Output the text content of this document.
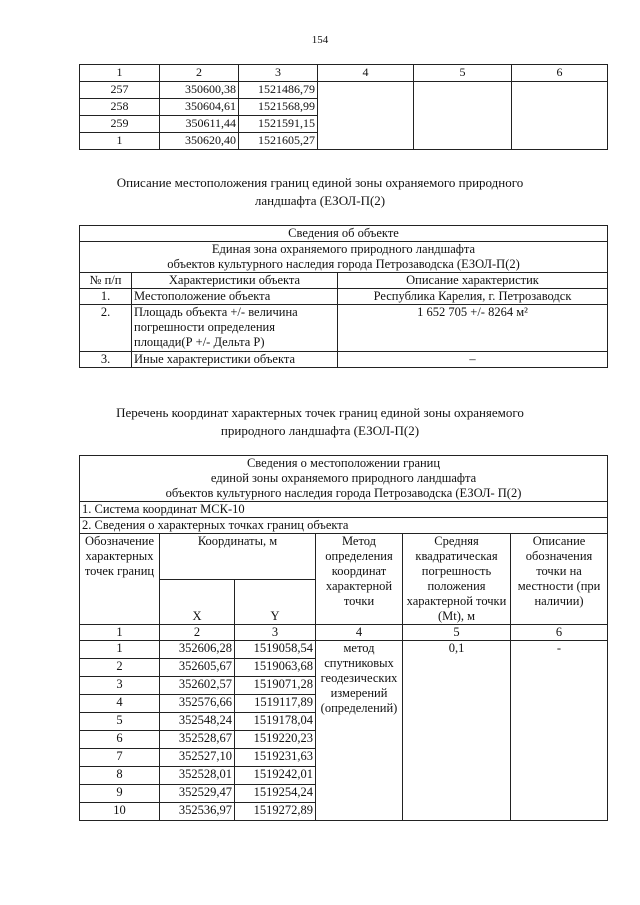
154
1	2	3	4	5	6
257	350600,38	1521486,79			
258	350604,61	1521568,99			
259	350611,44	1521591,15			
1	350620,40	1521605,27			
Описание местоположения границ единой зоны охраняемого природного
ландшафта (ЕЗОЛ-П(2)
Сведения об объекте		

Единая зона охраняемого природного ландшафта
объектов культурного наследия города Петрозаводска (ЕЗОЛ-П(2)		

№ п/п	Характеристики объекта	Описание характеристик
1.	Местоположение объекта	Республика Карелия, г. Петрозаводск
2.	Площадь объекта +/- величина погрешности определения площади(Р +/- Дельта Р)	1 652 705 +/- 8264 м²
3.	Иные характеристики объекта	–
Перечень координат характерных точек границ единой зоны охраняемого
природного ландшафта (ЕЗОЛ-П(2)
Сведения о местоположении границ
единой зоны охраняемого природного ландшафта
объектов культурного наследия города Петрозаводска (ЕЗОЛ- П(2)					

1. Система координат МСК-10					
2. Сведения о характерных точках границ объекта					
Обозначение характерных точек границ	Координаты, м		Метод определения координат характерной точки	Средняя квадратическая погрешность положения характерной точки (Mt), м	Описание обозначения точки на местности (при наличии)
	X	Y			
1	2	3	4	5	6
1	352606,28	1519058,54	метод спутниковых геодезических измерений (определений)	0,1	-
2	352605,67	1519063,68			
3	352602,57	1519071,28			
4	352576,66	1519117,89			
5	352548,24	1519178,04			
6	352528,67	1519220,23			
7	352527,10	1519231,63			
8	352528,01	1519242,01			
9	352529,47	1519254,24			
10	352536,97	1519272,89			
